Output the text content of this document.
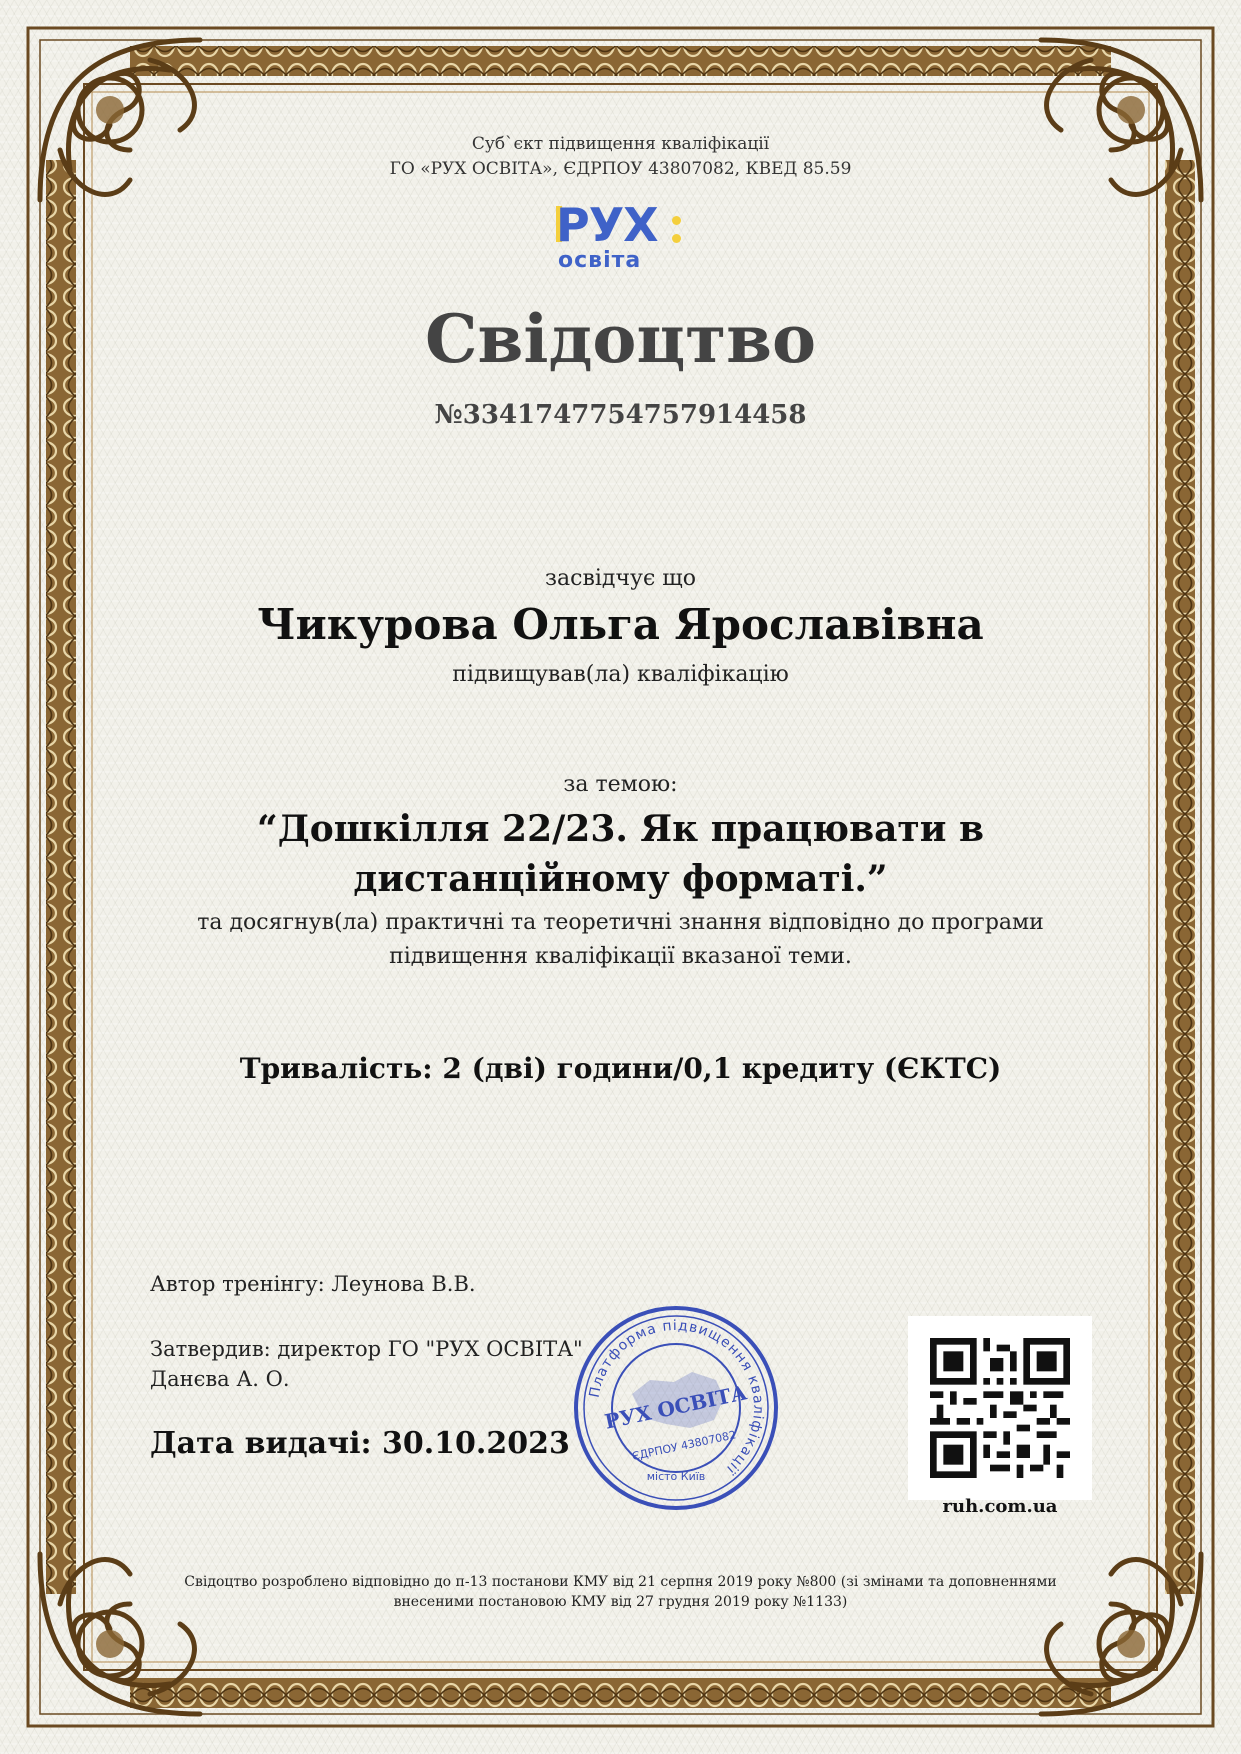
Суб`єкт підвищення кваліфікації
ГО «РУХ ОСВІТА», ЄДРПОУ 43807082, КВЕД 85.59
РУХ
освіта
Свідоцтво
№3341747754757914458
засвідчує що
Чикурова Ольга Ярославівна
підвищував(ла) кваліфікацію
за темою:
“Дошкілля 22/23. Як працювати в дистанційному форматі.”
та досягнув(ла) практичні та теоретичні знання відповідно до програми підвищення кваліфікації вказаної теми.
Тривалість: 2 (дві) години/0,1 кредиту (ЄКТС)
Автор тренінгу: Леунова В.В.
Затвердив: директор ГО "РУХ ОСВІТА"
Данєва А. О.
Дата видачі: 30.10.2023
Платформа підвищення кваліфікації
РУХ ОСВІТА
ЄДРПОУ 43807082
місто Київ
ruh.com.ua
Свідоцтво розроблено відповідно до п-13 постанови КМУ від 21 серпня 2019 року №800 (зі змінами та доповненнями внесеними постановою КМУ від 27 грудня 2019 року №1133)
